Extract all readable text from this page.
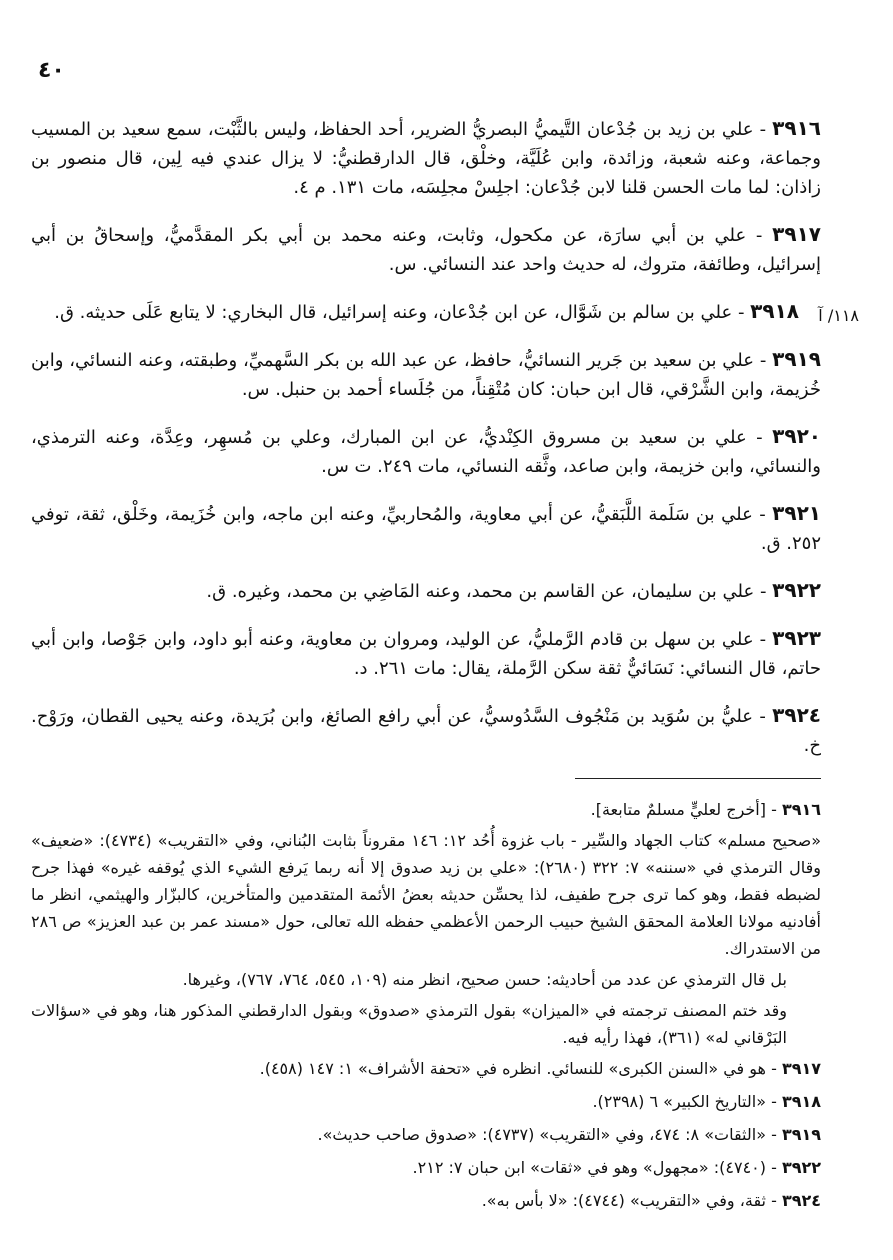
٤٠
١١٨/ آ

٣٩١٦ - علي بن زيد بن جُدْعان التَّيميُّ البصريُّ الضرير، أحد الحفاظ، وليس بالثَّبْت، سمع سعيد بن المسيب وجماعة، وعنه شعبة، وزائدة، وابن عُلَيَّة، وخلْق، قال الدارقطنيُّ: لا يزال عندي فيه لِين، قال منصور بن زاذان: لما مات الحسن قلنا لابن جُدْعان: اجلِسْ مجلِسَه، مات ١٣١. م ٤.

٣٩١٧ - علي بن أبي سارَة، عن مكحول، وثابت، وعنه محمد بن أبي بكر المقدَّميُّ، وإسحاقُ بن أبي إسرائيل، وطائفة، متروك، له حديث واحد عند النسائي. س.

٣٩١٨ - علي بن سالم بن شَوَّال، عن ابن جُدْعان، وعنه إسرائيل، قال البخاري: لا يتابع عَلَى حديثه. ق.

٣٩١٩ - علي بن سعيد بن جَرير النسائيُّ، حافظ، عن عبد الله بن بكر السَّهميِّ، وطبقته، وعنه النسائي، وابن خُزيمة، وابن الشَّرْقي، قال ابن حبان: كان مُتْقِناً، من جُلَساء أحمد بن حنبل. س.

٣٩٢٠ - علي بن سعيد بن مسروق الكِنْديُّ، عن ابن المبارك، وعلي بن مُسهِر، وعِدَّة، وعنه الترمذي، والنسائي، وابن خزيمة، وابن صاعد، وثَّقه النسائي، مات ٢٤٩. ت س.

٣٩٢١ - علي بن سَلَمة اللَّبَقيُّ، عن أبي معاوية، والمُحاربيِّ، وعنه ابن ماجه، وابن خُزَيمة، وخَلْق، ثقة، توفي ٢٥٢. ق.

٣٩٢٢ - علي بن سليمان، عن القاسم بن محمد، وعنه المَاضِي بن محمد، وغيره. ق.

٣٩٢٣ - علي بن سهل بن قادم الرَّمليُّ، عن الوليد، ومروان بن معاوية، وعنه أبو داود، وابن جَوْصا، وابن أبي حاتم، قال النسائي: نَسَائيٌّ ثقة سكن الرَّملة، يقال: مات ٢٦١. د.

٣٩٢٤ - عليُّ بن سُوَيد بن مَنْجُوف السَّدُوسيُّ، عن أبي رافع الصائغ، وابن بُرَيدة، وعنه يحيى القطان، ورَوْح. خ.

٣٩١٦ - [أخرج لعليٍّ مسلمٌ متابعة].

«صحيح مسلم» كتاب الجهاد والسِّير - باب غزوة أُحُد ١٢: ١٤٦ مقروناً بثابت البُناني، وفي «التقريب» (٤٧٣٤): «ضعيف» وقال الترمذي في «سننه» ٧: ٣٢٢ (٢٦٨٠): «علي بن زيد صدوق إلا أنه ربما يَرفع الشيء الذي يُوقفه غيره» فهذا جرح لضبطه فقط، وهو كما ترى جرح طفيف، لذا يحسِّن حديثه بعضُ الأئمة المتقدمين والمتأخرين، كالبزّار والهيثمي، انظر ما أفادنيه مولانا العلامة المحقق الشيخ حبيب الرحمن الأعظمي حفظه الله تعالى، حول «مسند عمر بن عبد العزيز» ص ٢٨٦ من الاستدراك.

بل قال الترمذي عن عدد من أحاديثه: حسن صحيح، انظر منه (١٠٩، ٥٤٥، ٧٦٤، ٧٦٧)، وغيرها.

وقد ختم المصنف ترجمته في «الميزان» بقول الترمذي «صدوق» وبقول الدارقطني المذكور هنا، وهو في «سؤالات البَرْقاني له» (٣٦١)، فهذا رأيه فيه.

٣٩١٧ - هو في «السنن الكبرى» للنسائي. انظره في «تحفة الأشراف» ١: ١٤٧ (٤٥٨).

٣٩١٨ - «التاريخ الكبير» ٦ (٢٣٩٨).

٣٩١٩ - «الثقات» ٨: ٤٧٤، وفي «التقريب» (٤٧٣٧): «صدوق صاحب حديث».

٣٩٢٢ - (٤٧٤٠): «مجهول» وهو في «ثقات» ابن حبان ٧: ٢١٢.

٣٩٢٤ - ثقة، وفي «التقريب» (٤٧٤٤): «لا بأس به».
